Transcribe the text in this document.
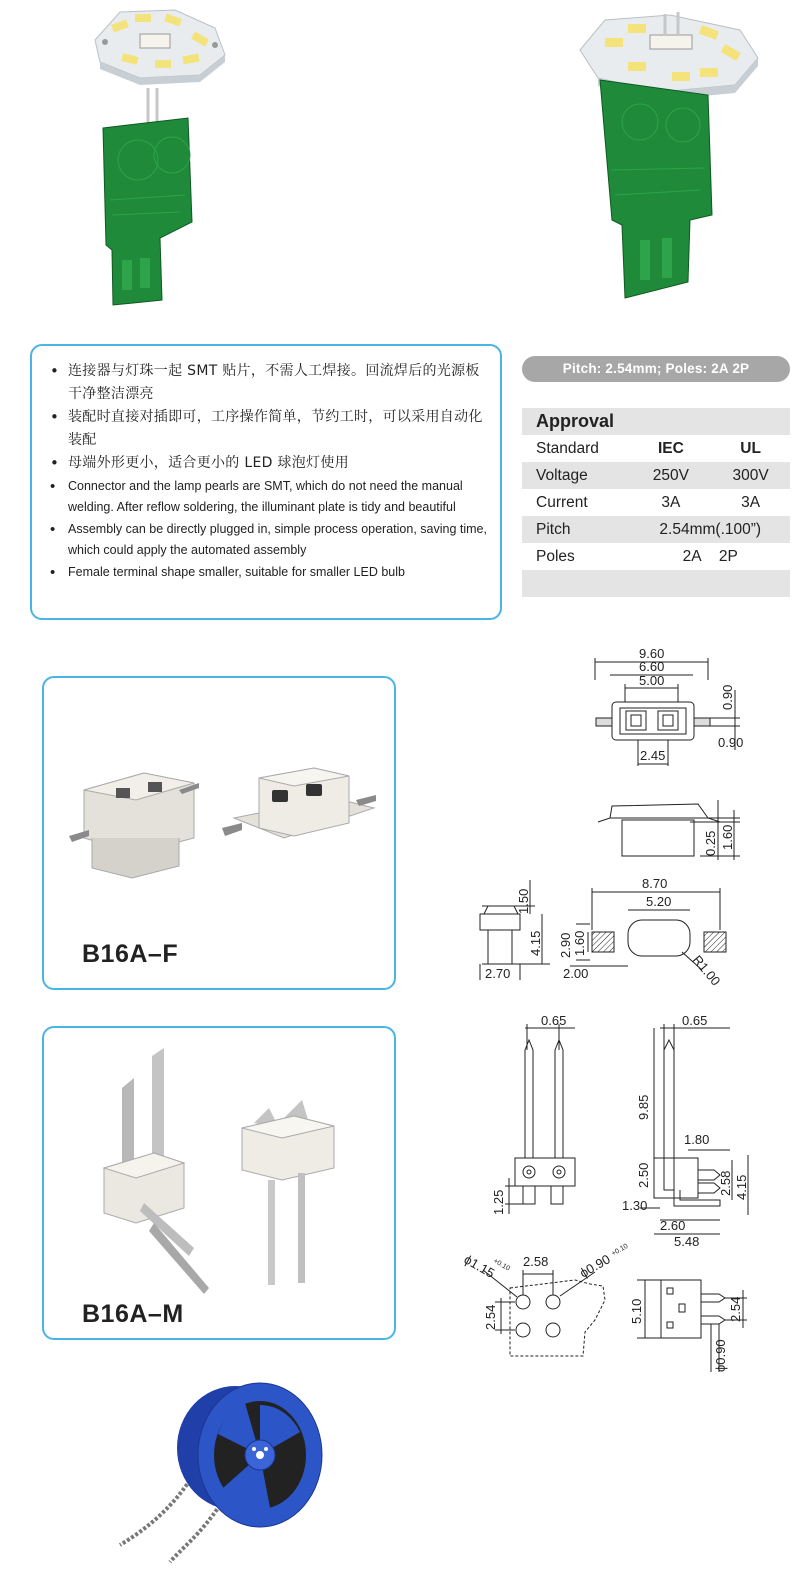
• 连接器与灯珠一起 SMT 贴片，不需人工焊接。回流焊后的光源板干净整洁漂亮
• 装配时直接对插即可，工序操作简单，节约工时，可以采用自动化装配
• 母端外形更小，适合更小的 LED 球泡灯使用
• Connector and the lamp pearls are SMT, which do not need the manual welding. After reflow soldering, the illuminant plate is tidy and beautiful
• Assembly can be directly plugged in, simple process operation, saving time, which could apply the automated assembly
• Female terminal shape smaller, suitable for smaller LED bulb
Pitch: 2.54mm; Poles: 2A 2P
Approval
Standard	IEC	UL
Voltage	250V	300V
Current	3A	3A
Pitch	2.54mm(.100”)
Poles	2A 2P
B16A–F
B16A–M
9.60
6.60
5.00
0.90
0.90
2.45
0.25 1.60
1.50
4.15
2.70
8.70
5.20
2.90 1.60
2.00	R1.00
0.65
1.25
0.65
9.85
1.80
2.50	2.58 4.15
1.30
2.60
5.48
ϕ1.15
+0.10 2.58 ϕ0.90
+0.10
2.54	5.10	2.54
ϕ0.90
